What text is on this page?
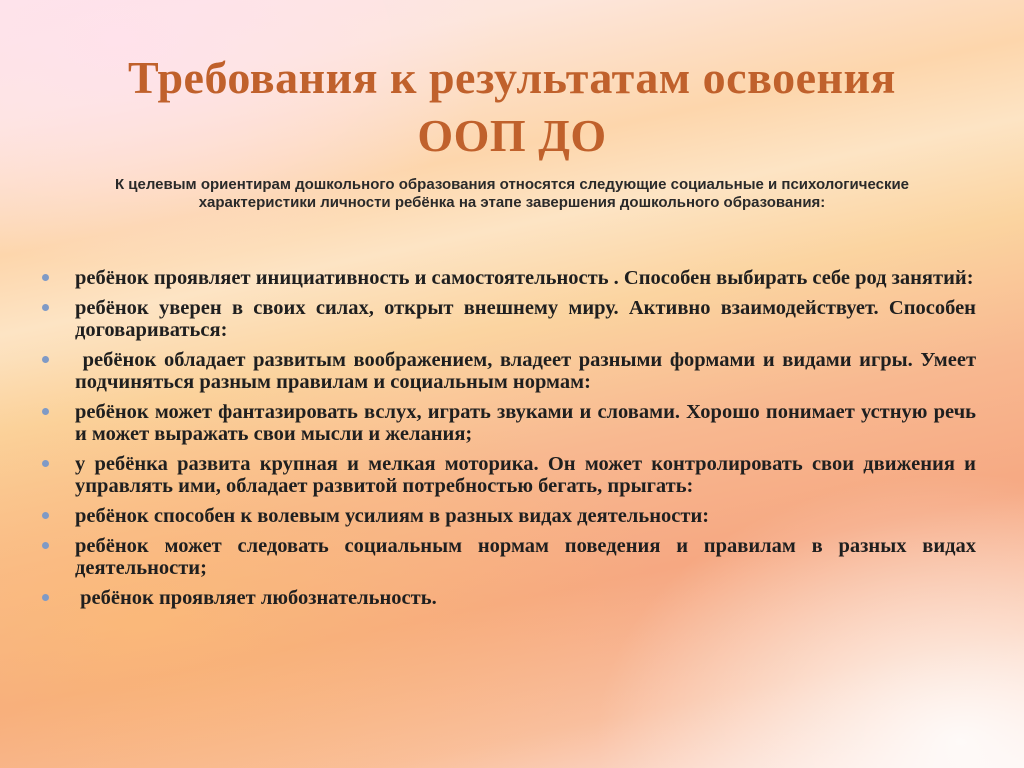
Требования к результатам освоения
ООП ДО

К целевым ориентирам дошкольного образования относятся следующие социальные и психологические характеристики личности ребёнка на этапе завершения дошкольного образования:

ребёнок проявляет инициативность и самостоятельность . Способен выбирать себе род занятий:
ребёнок уверен в своих силах, открыт внешнему миру. Активно взаимодействует. Способен договариваться:
ребёнок обладает развитым воображением, владеет разными формами и видами игры. Умеет подчиняться разным правилам и социальным нормам:
ребёнок может фантазировать вслух, играть звуками и словами. Хорошо понимает устную речь и может выражать свои мысли и желания;
у ребёнка развита крупная и мелкая моторика. Он может контролировать свои движения и управлять ими, обладает развитой потребностью бегать, прыгать:
ребёнок способен к волевым усилиям в разных видах деятельности:
ребёнок может следовать социальным нормам поведения и правилам в разных видах деятельности;
ребёнок проявляет любознательность.
